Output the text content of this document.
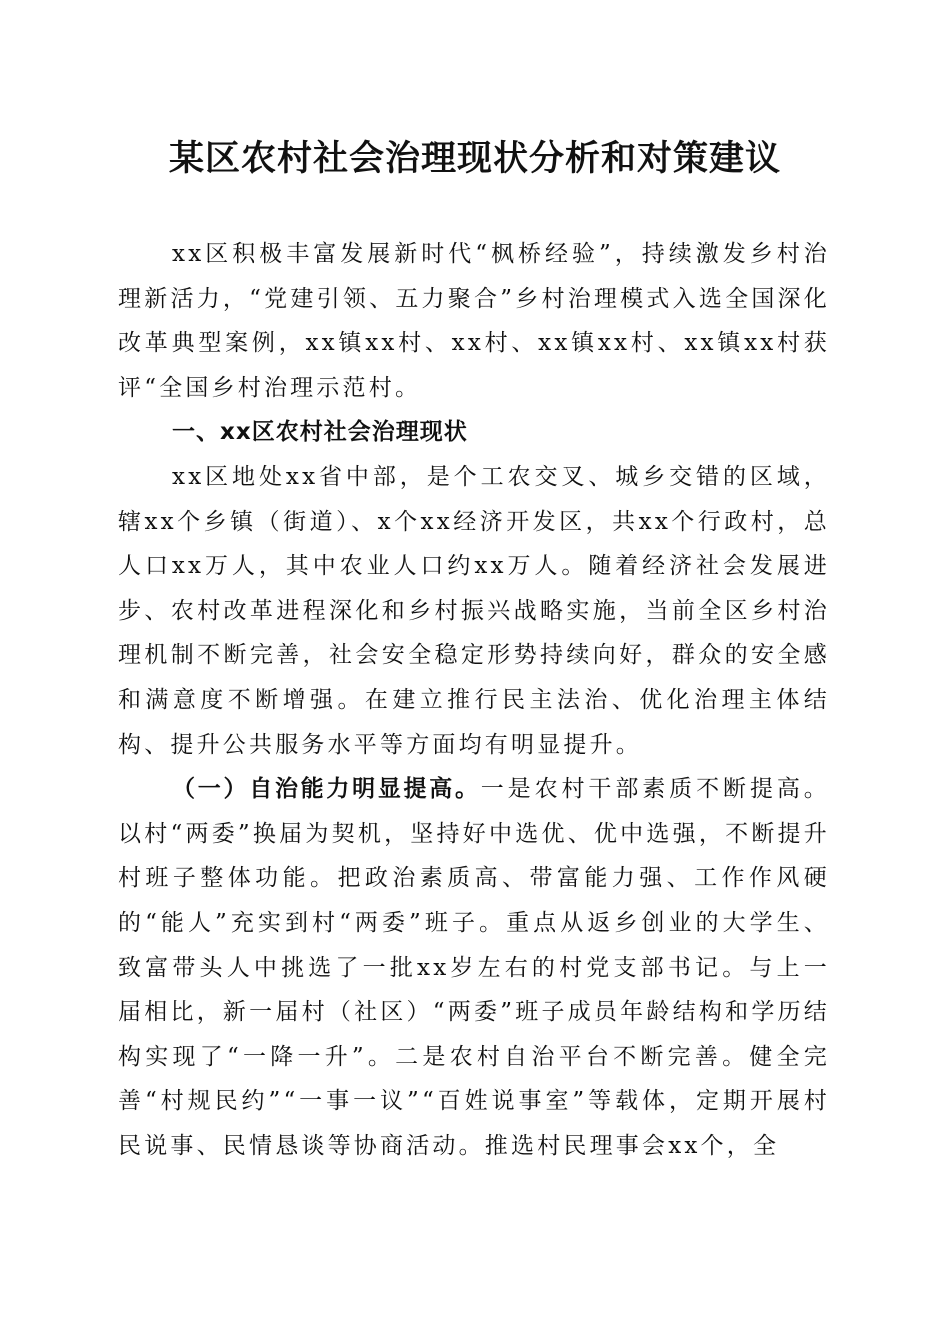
某区农村社会治理现状分析和对策建议

xx区积极丰富发展新时代“枫桥经验”，持续激发乡村治理新活力，“党建引领、五力聚合”乡村治理模式入选全国深化改革典型案例，xx镇xx村、xx村、xx镇xx村、xx镇xx村获评“全国乡村治理示范村。

一、xx区农村社会治理现状

xx区地处xx省中部，是个工农交叉、城乡交错的区域，辖xx个乡镇（街道）、x个xx经济开发区，共xx个行政村，总人口xx万人，其中农业人口约xx万人。随着经济社会发展进步、农村改革进程深化和乡村振兴战略实施，当前全区乡村治理机制不断完善，社会安全稳定形势持续向好，群众的安全感和满意度不断增强。在建立推行民主法治、优化治理主体结构、提升公共服务水平等方面均有明显提升。

（一）自治能力明显提高。一是农村干部素质不断提高。以村“两委”换届为契机，坚持好中选优、优中选强，不断提升村班子整体功能。把政治素质高、带富能力强、工作作风硬的“能人”充实到村“两委”班子。重点从返乡创业的大学生、致富带头人中挑选了一批xx岁左右的村党支部书记。与上一届相比，新一届村（社区）“两委”班子成员年龄结构和学历结构实现了“一降一升”。二是农村自治平台不断完善。健全完善“村规民约”“一事一议”“百姓说事室”等载体，定期开展村民说事、民情恳谈等协商活动。推选村民理事会xx个，全
